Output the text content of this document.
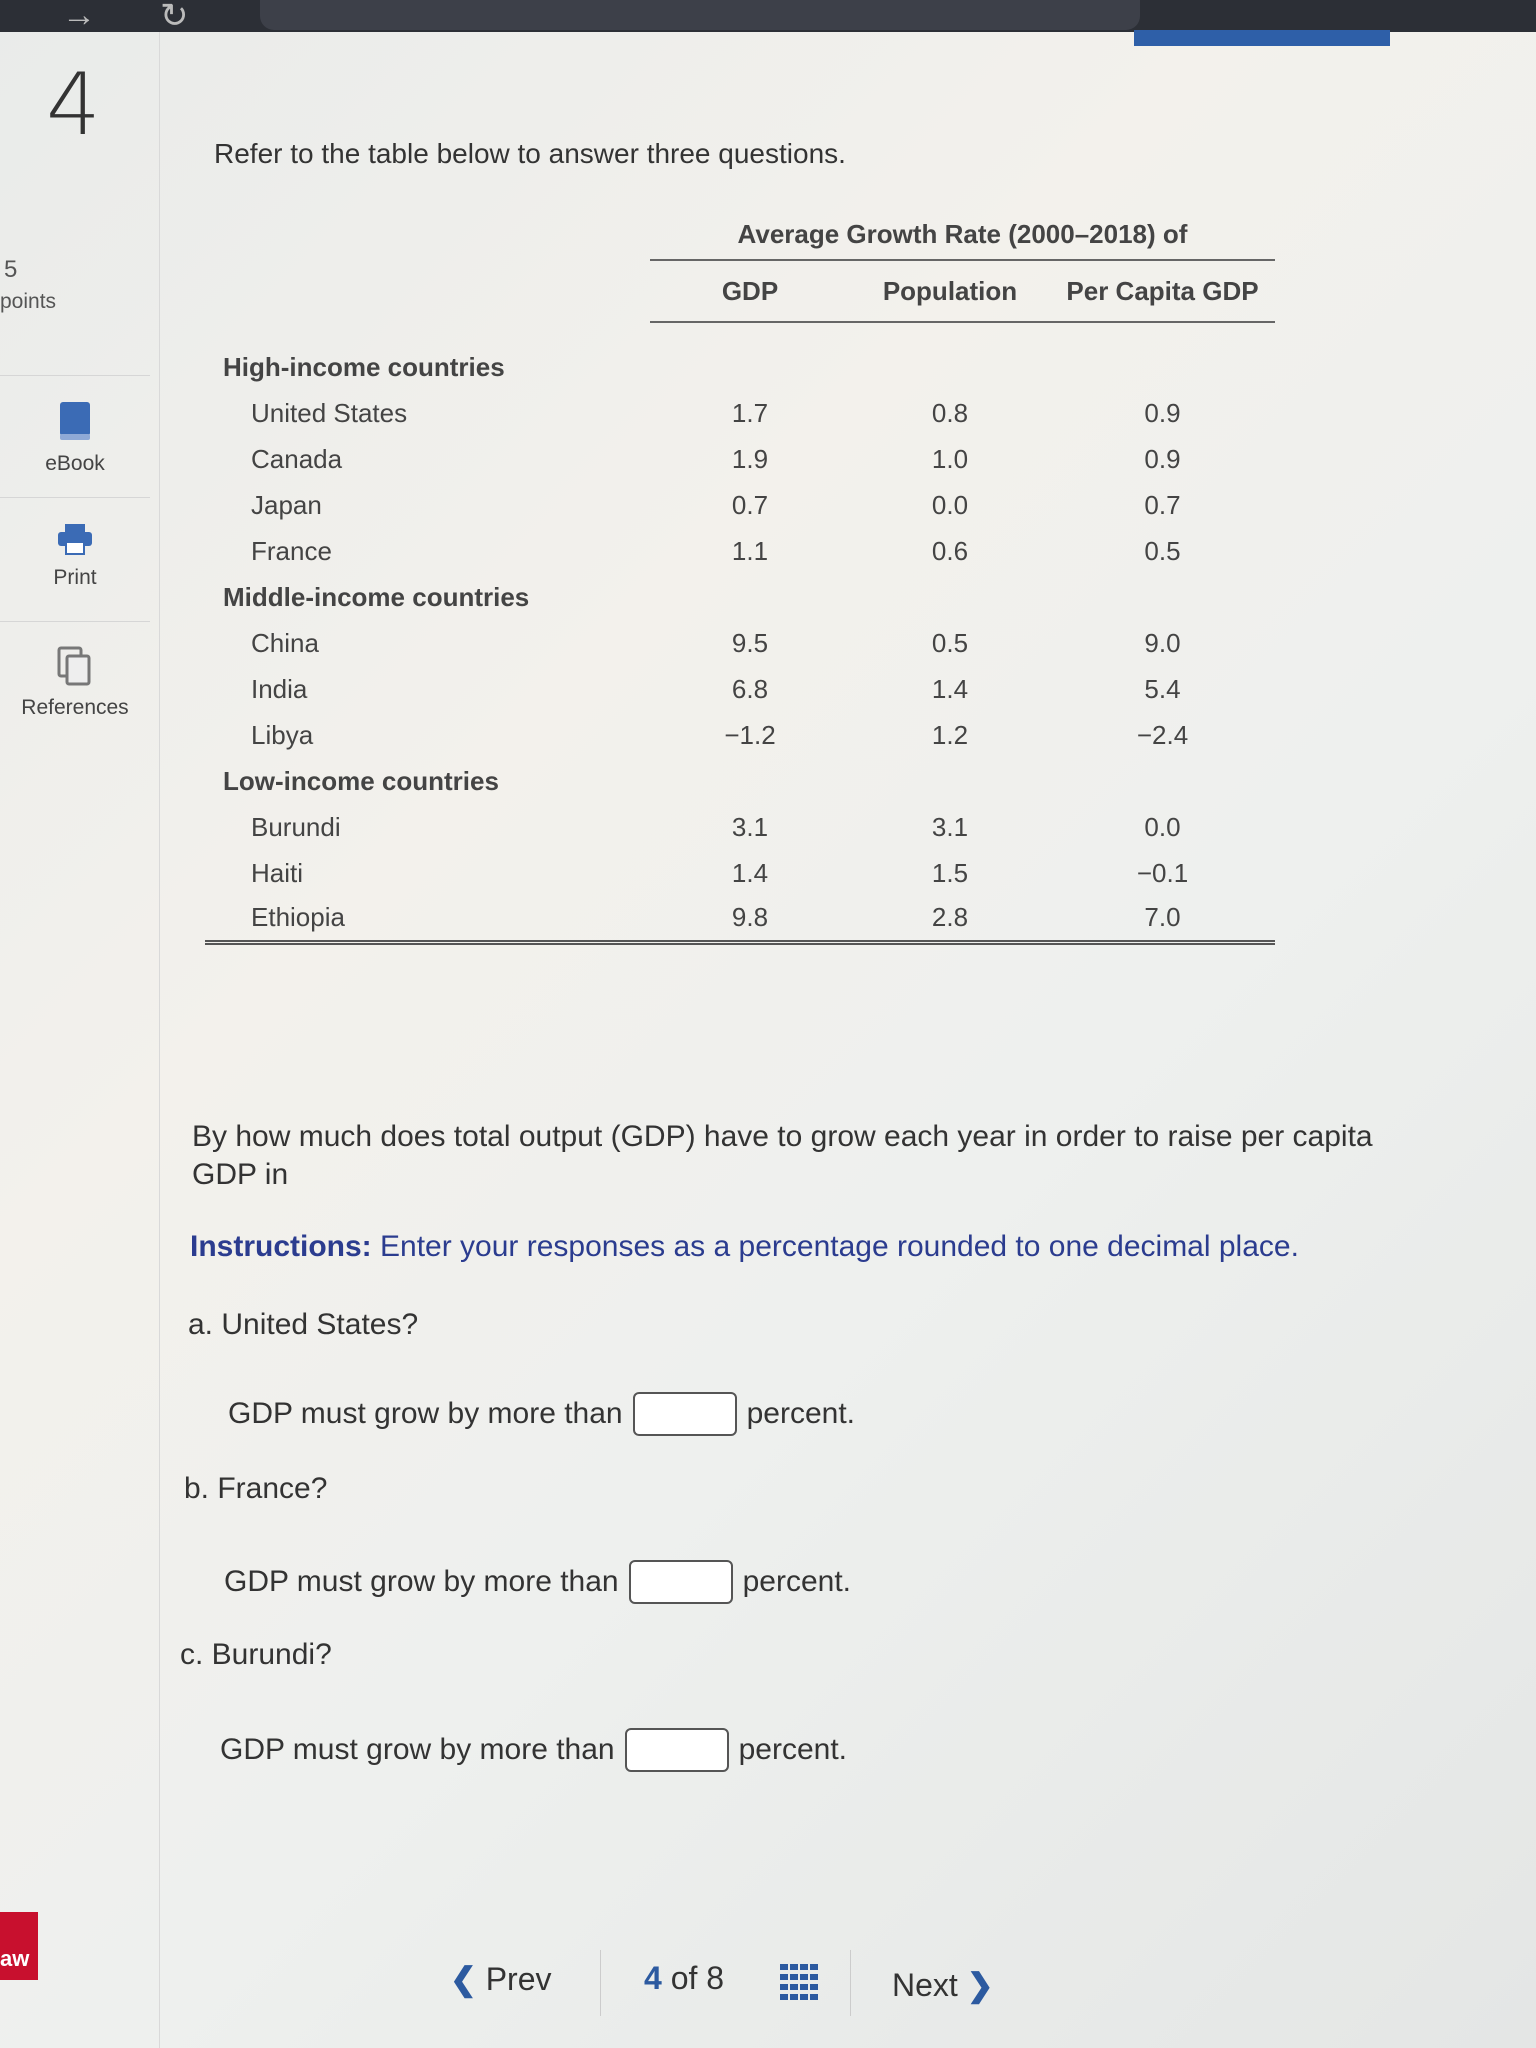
→ ↻
4
5
points
eBook
Print
References
aw
Refer to the table below to answer three questions.
	Average Growth Rate (2000–2018) of		
	GDP	Population	Per Capita GDP

High-income countries			
United States	1.7	0.8	0.9
Canada	1.9	1.0	0.9
Japan	0.7	0.0	0.7
France	1.1	0.6	0.5
Middle-income countries			
China	9.5	0.5	9.0
India	6.8	1.4	5.4
Libya	−1.2	1.2	−2.4
Low-income countries			
Burundi	3.1	3.1	0.0
Haiti	1.4	1.5	−0.1
Ethiopia	9.8	2.8	7.0
By how much does total output (GDP) have to grow each year in order to raise per capita GDP in
Instructions: Enter your responses as a percentage rounded to one decimal place.
a. United States?
GDP must grow by more than	percent.
b. France?
GDP must grow by more than	percent.
c. Burundi?
GDP must grow by more than	percent.
❮ Prev	4 of 8	Next ❯
